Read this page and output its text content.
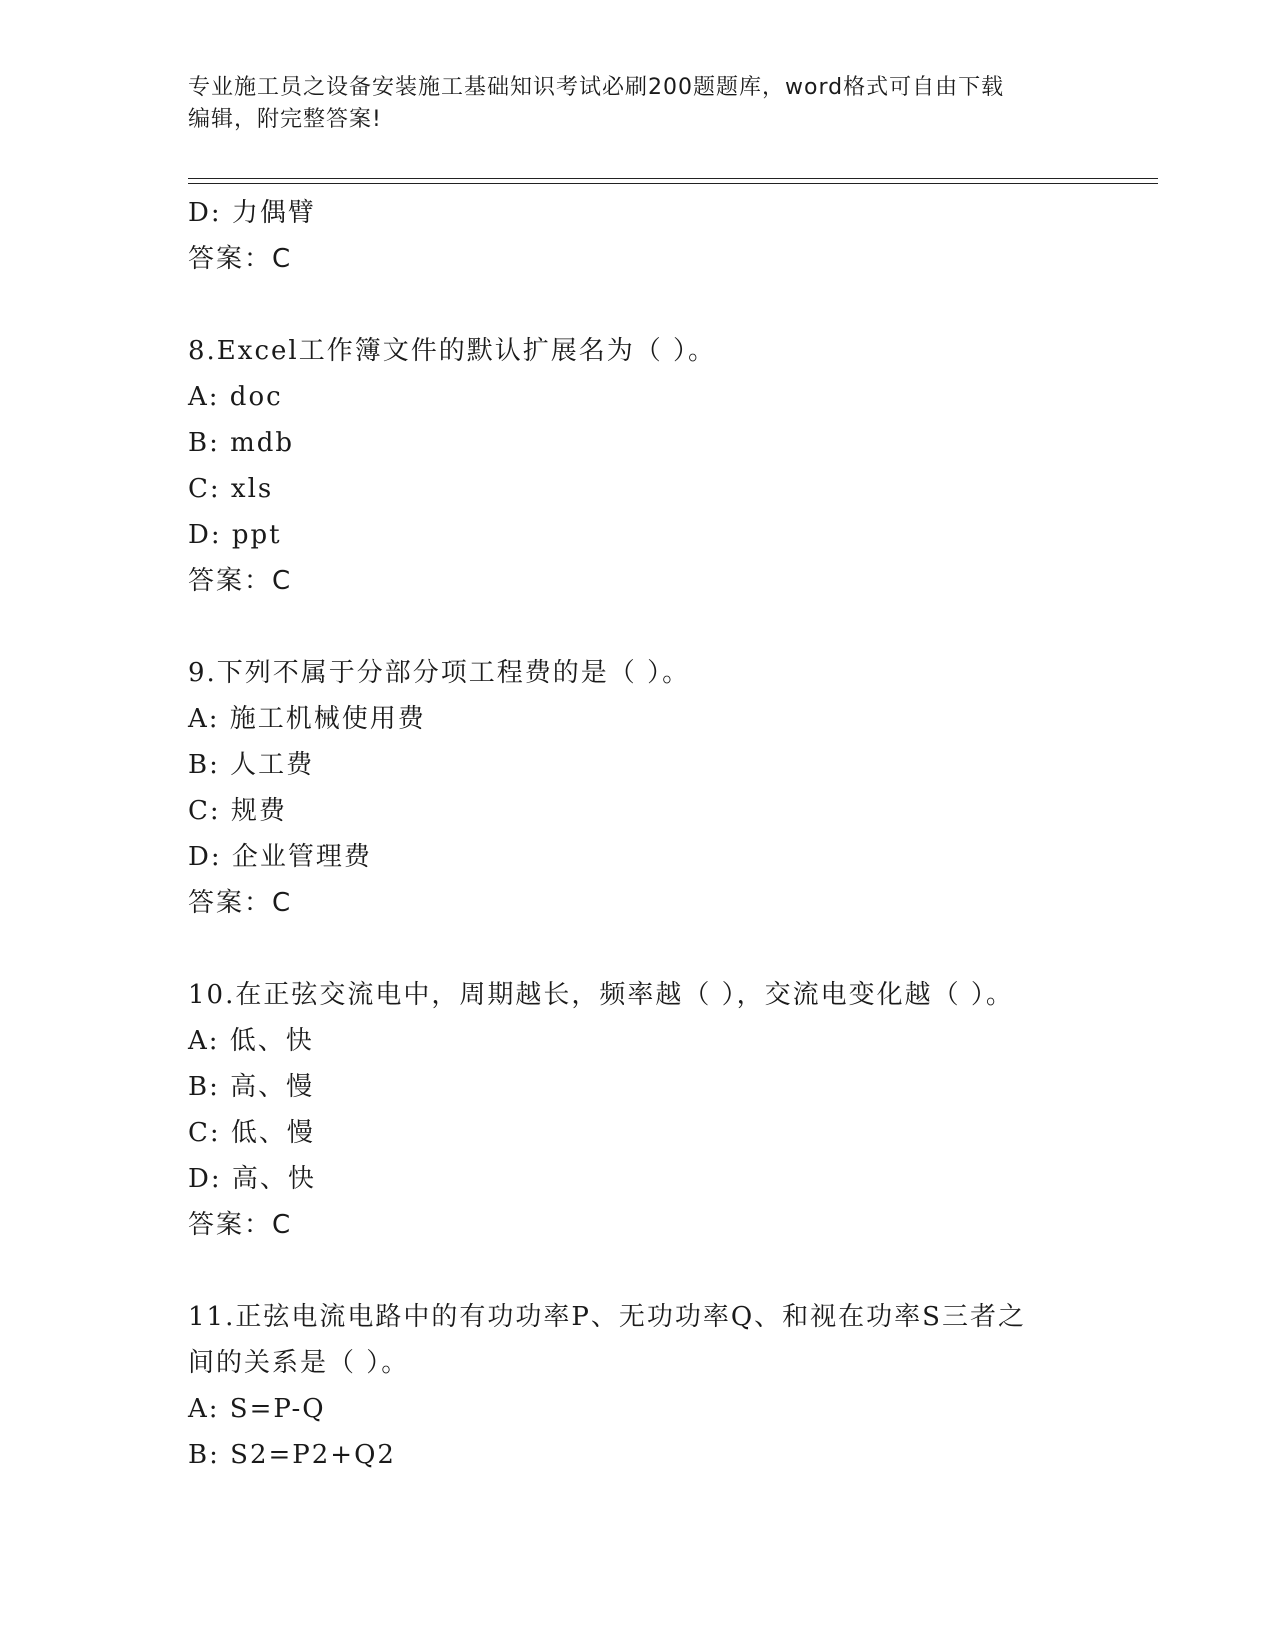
专业施工员之设备安装施工基础知识考试必刷200题题库，word格式可自由下载
编辑，附完整答案!
D: 力偶臂
答案：C
8.Excel工作簿文件的默认扩展名为（ ）。
A: doc
B: mdb
C: xls
D: ppt
答案：C
9.下列不属于分部分项工程费的是（ ）。
A: 施工机械使用费
B: 人工费
C: 规费
D: 企业管理费
答案：C
10.在正弦交流电中，周期越长，频率越（ ），交流电变化越（ ）。
A: 低、快
B: 高、慢
C: 低、慢
D: 高、快
答案：C
11.正弦电流电路中的有功功率P、无功功率Q、和视在功率S三者之
间的关系是（ ）。
A: S=P-Q
B: S2=P2+Q2
